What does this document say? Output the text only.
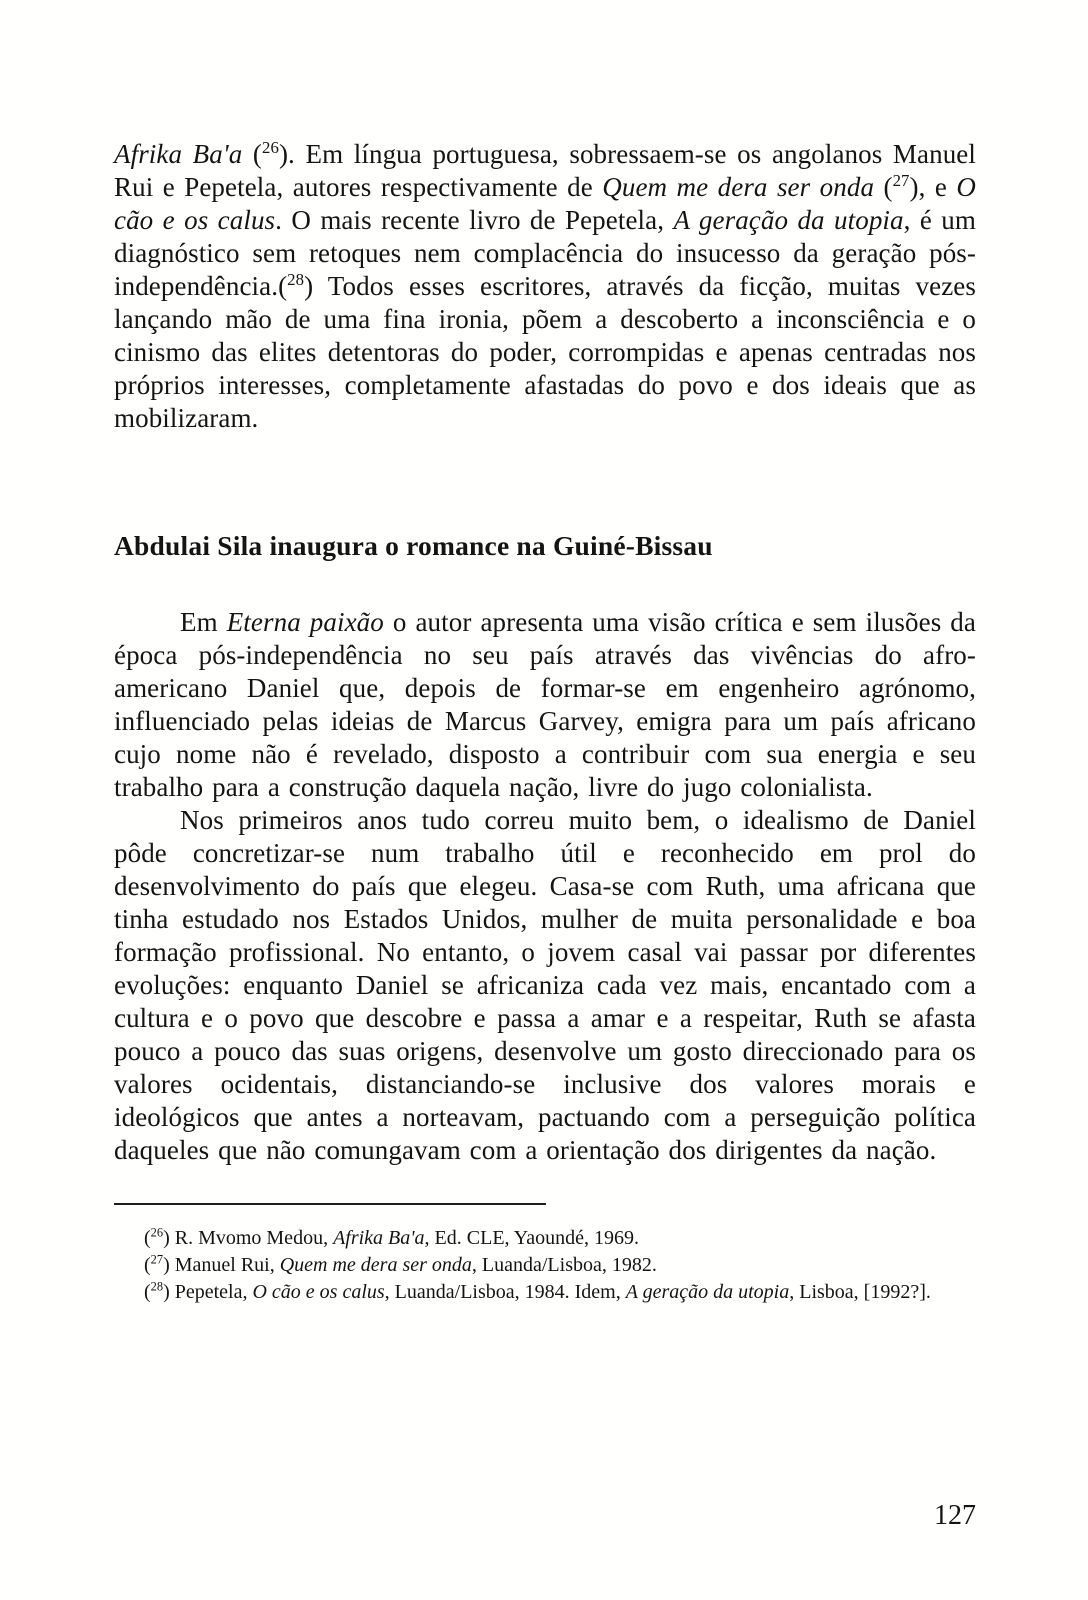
Afrika Ba'a ($^{26}$). Em língua portuguesa, sobressaem-se os angolanos Manuel Rui e Pepetela, autores respectivamente de Quem me dera ser onda ($^{27}$), e O cão e os calus. O mais recente livro de Pepetela, A geração da utopia, é um diagnóstico sem retoques nem complacência do insucesso da geração pós-independência.($^{28}$) Todos esses escritores, através da ficção, muitas vezes lançando mão de uma fina ironia, põem a descoberto a inconsciência e o cinismo das elites detentoras do poder, corrompidas e apenas centradas nos próprios interesses, completamente afastadas do povo e dos ideais que as mobilizaram.

Abdulai Sila inaugura o romance na Guiné-Bissau

Em Eterna paixão o autor apresenta uma visão crítica e sem ilusões da época pós-independência no seu país através das vivências do afro-americano Daniel que, depois de formar-se em engenheiro agrónomo, influenciado pelas ideias de Marcus Garvey, emigra para um país africano cujo nome não é revelado, disposto a contribuir com sua energia e seu trabalho para a construção daquela nação, livre do jugo colonialista.

Nos primeiros anos tudo correu muito bem, o idealismo de Daniel pôde concretizar-se num trabalho útil e reconhecido em prol do desenvolvimento do país que elegeu. Casa-se com Ruth, uma africana que tinha estudado nos Estados Unidos, mulher de muita personalidade e boa formação profissional. No entanto, o jovem casal vai passar por diferentes evoluções: enquanto Daniel se africaniza cada vez mais, encantado com a cultura e o povo que descobre e passa a amar e a respeitar, Ruth se afasta pouco a pouco das suas origens, desenvolve um gosto direccionado para os valores ocidentais, distanciando-se inclusive dos valores morais e ideológicos que antes a norteavam, pactuando com a perseguição política daqueles que não comungavam com a orientação dos dirigentes da nação.

($^{26}$) R. Mvomo Medou, Afrika Ba'a, Ed. CLE, Yaoundé, 1969.

($^{27}$) Manuel Rui, Quem me dera ser onda, Luanda/Lisboa, 1982.

($^{28}$) Pepetela, O cão e os calus, Luanda/Lisboa, 1984. Idem, A geração da utopia, Lisboa, [1992?].

127
